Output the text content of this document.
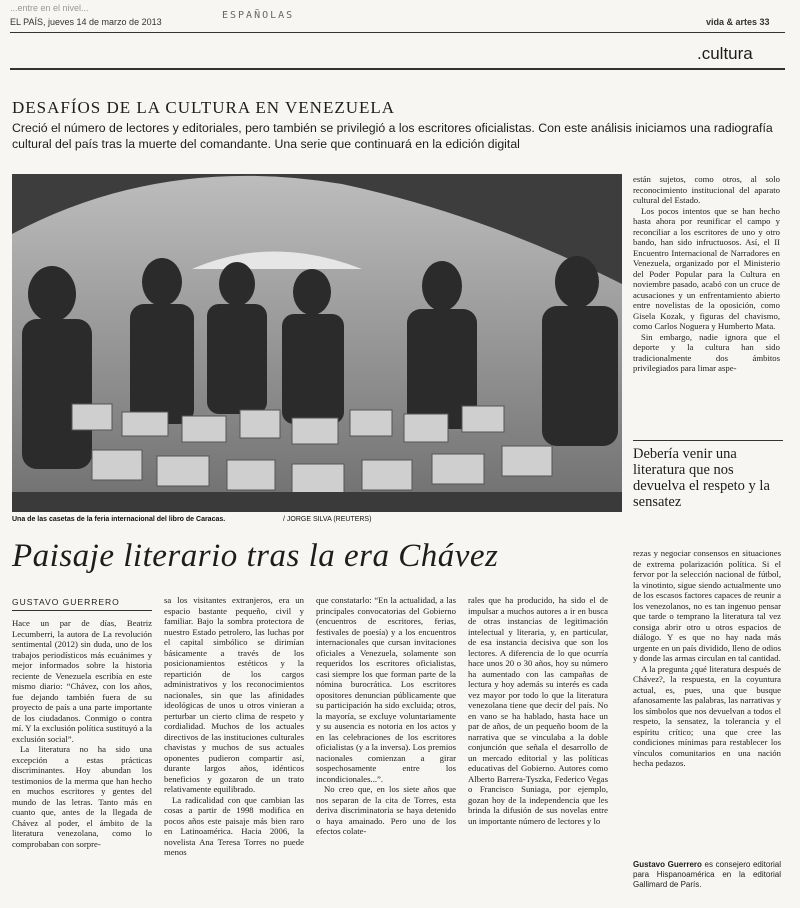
...entre en el nivel...
EL PAÍS, jueves 14 de marzo de 2013
ESPAÑOLAS
vida & artes 33
.cultura
DESAFÍOS DE LA CULTURA EN VENEZUELA
Creció el número de lectores y editoriales, pero también se privilegió a los escritores oficialistas. Con este análisis iniciamos una radiografía cultural del país tras la muerte del comandante. Una serie que continuará en la edición digital
Una de las casetas de la feria internacional del libro de Caracas.	/ JORGE SILVA (REUTERS)

están sujetos, como otros, al solo reconocimiento institucional del aparato cultural del Estado.

Los pocos intentos que se han hecho hasta ahora por reunificar el campo y reconciliar a los escritores de uno y otro bando, han sido infructuosos. Así, el II Encuentro Internacional de Narradores en Venezuela, organizado por el Ministerio del Poder Popular para la Cultura en noviembre pasado, acabó con un cruce de acusaciones y un enfrentamiento abierto entre novelistas de la oposición, como Gisela Kozak, y figuras del chavismo, como Carlos Noguera y Humberto Mata.

Sin embargo, nadie ignora que el deporte y la cultura han sido tradicionalmente dos ámbitos privilegiados para limar aspe-

Debería venir una literatura que nos devuelva el respeto y la sensatez
Paisaje literario tras la era Chávez
GUSTAVO GUERRERO

Hace un par de días, Beatriz Lecumberri, la autora de La revolución sentimental (2012) sin duda, uno de los trabajos periodísticos más ecuánimes y mejor informados sobre la historia reciente de Venezuela escribía en este mismo diario: “Chávez, con los años, fue dejando también fuera de su proyecto de país a una parte importante de los ciudadanos. Conmigo o contra mí. Y la exclusión política sustituyó a la exclusión social”.

La literatura no ha sido una excepción a estas prácticas discriminantes. Hoy abundan los testimonios de la merma que han hecho en muchos escritores y gentes del mundo de las letras. Tanto más en cuanto que, antes de la llegada de Chávez al poder, el ámbito de la literatura venezolana, como lo comprobaban con sorpre-

sa los visitantes extranjeros, era un espacio bastante pequeño, civil y familiar. Bajo la sombra protectora de nuestro Estado petrolero, las luchas por el capital simbólico se dirimían básicamente a través de los posicionamientos estéticos y la repartición de los cargos administrativos y los reconocimientos nacionales, sin que las afinidades ideológicas de unos u otros vinieran a perturbar un cierto clima de respeto y cordialidad. Muchos de los actuales directivos de las instituciones culturales chavistas y muchos de sus actuales oponentes pudieron compartir así, durante largos años, idénticos beneficios y gozaron de un trato relativamente equilibrado.

La radicalidad con que cambian las cosas a partir de 1998 modifica en pocos años este paisaje más bien raro en Latinoamérica. Hacia 2006, la novelista Ana Teresa Torres no puede menos

que constatarlo: “En la actualidad, a las principales convocatorias del Gobierno (encuentros de escritores, ferias, festivales de poesía) y a los encuentros internacionales que cursan invitaciones oficiales a Venezuela, solamente son requeridos los escritores oficialistas, casi siempre los que forman parte de la nómina burocrática. Los escritores opositores denuncian públicamente que su participación ha sido excluida; otros, la mayoría, se excluye voluntariamente y su ausencia es notoria en los actos y en las celebraciones de los escritores oficialistas (y a la inversa). Los premios nacionales comienzan a girar sospechosamente entre los incondicionales...”.

No creo que, en los siete años que nos separan de la cita de Torres, esta deriva discriminatoria se haya detenido o haya amainado. Pero uno de los efectos colate-

rales que ha producido, ha sido el de impulsar a muchos autores a ir en busca de otras instancias de legitimación intelectual y literaria, y, en particular, de esa instancia decisiva que son los lectores. A diferencia de lo que ocurría hace unos 20 o 30 años, hoy su número ha aumentado con las campañas de lectura y hoy además su interés es cada vez mayor por todo lo que la literatura venezolana tiene que decir del país. No en vano se ha hablado, hasta hace un par de años, de un pequeño boom de la narrativa que se vinculaba a la doble conjunción que señala el desarrollo de un mercado editorial y las políticas educativas del Gobierno. Autores como Alberto Barrera-Tyszka, Federico Vegas o Francisco Suniaga, por ejemplo, gozan hoy de la independencia que les brinda la difusión de sus novelas entre un importante número de lectores y lo

rezas y negociar consensos en situaciones de extrema polarización política. Si el fervor por la selección nacional de fútbol, la vinotinto, sigue siendo actualmente uno de los escasos factores capaces de reunir a los venezolanos, no es tan ingenuo pensar que tarde o temprano la literatura tal vez consiga abrir otro u otros espacios de diálogo. Y es que no hay nada más urgente en un país dividido, lleno de odios y donde las armas circulan en tal cantidad.

A la pregunta ¿qué literatura después de Chávez?, la respuesta, en la coyuntura actual, es, pues, una que busque afanosamente las palabras, las narrativas y los símbolos que nos devuelvan a todos el respeto, la sensatez, la tolerancia y el espíritu crítico; una que cree las condiciones mínimas para restablecer los vínculos comunitarios en una nación hecha pedazos.

Gustavo Guerrero es consejero editorial para Hispanoamérica en la editorial Gallimard de París.
